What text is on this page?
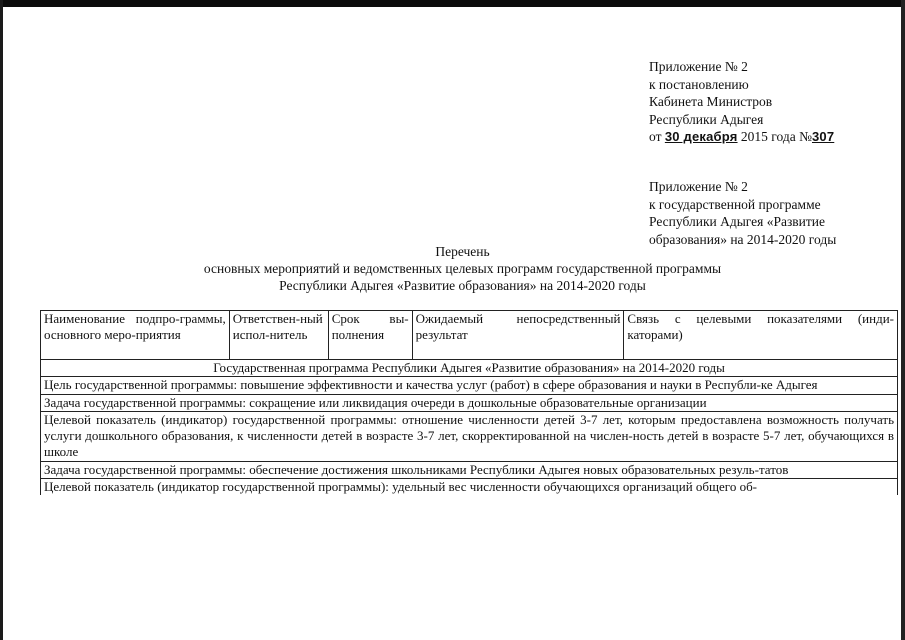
Приложение № 2
к постановлению
Кабинета Министров
Республики Адыгея
от 30 декабря 2015 года №307
Приложение № 2
к государственной программе
Республики Адыгея «Развитие
образования» на 2014-2020 годы
Перечень
основных мероприятий и ведомственных целевых программ государственной программы
Республики Адыгея «Развитие образования» на 2014-2020 годы
Наименование подпро-граммы, основного меро-приятия	Ответствен-ный испол-нитель	Срок вы-полнения	Ожидаемый непосредственный результат	Связь с целевыми показателями (инди-каторами)
Государственная программа Республики Адыгея «Развитие образования» на 2014-2020 годы
Цель государственной программы: повышение эффективности и качества услуг (работ) в сфере образования и науки в Республи-ке Адыгея
Задача государственной программы: сокращение или ликвидация очереди в дошкольные образовательные организации
Целевой показатель (индикатор) государственной программы: отношение численности детей 3-7 лет, которым предоставлена возможность получать услуги дошкольного образования, к численности детей в возрасте 3-7 лет, скорректированной на числен-ность детей в возрасте 5-7 лет, обучающихся в школе
Задача государственной программы: обеспечение достижения школьниками Республики Адыгея новых образовательных резуль-татов
Целевой показатель (индикатор государственной программы): удельный вес численности обучающихся организаций общего об-
